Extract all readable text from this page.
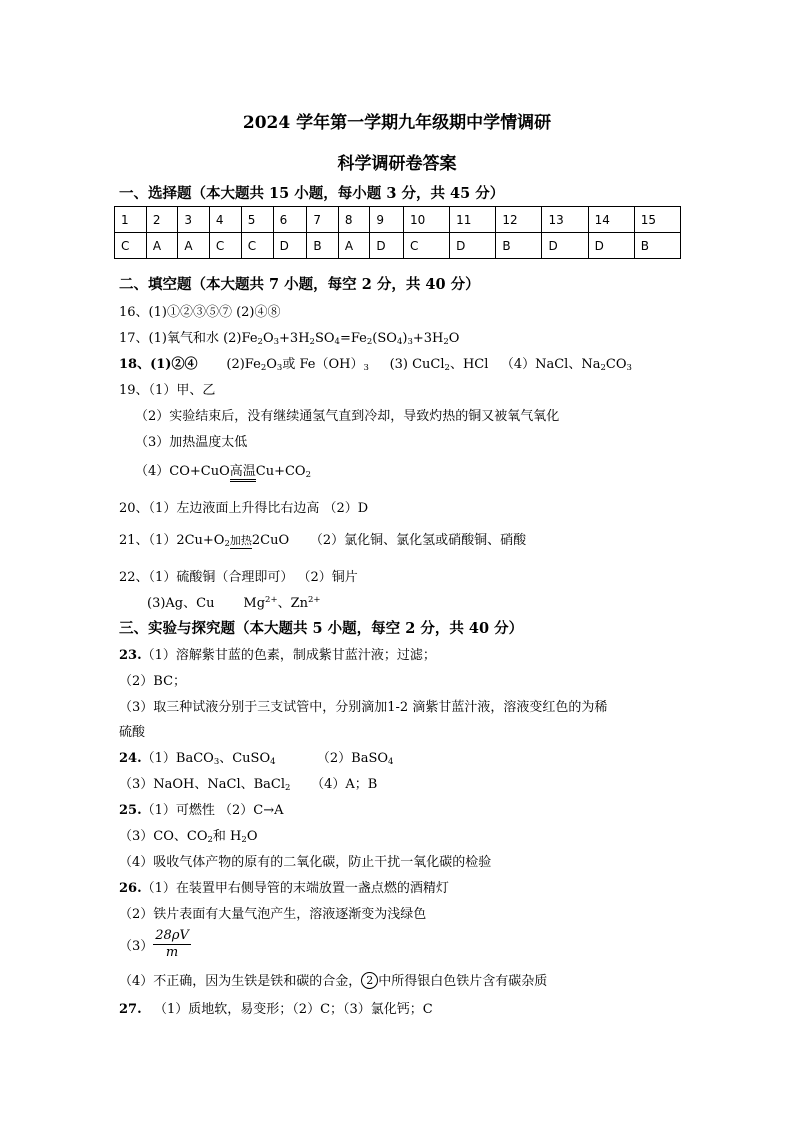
2024 学年第一学期九年级期中学情调研
科学调研卷答案
一、选择题（本大题共 15 小题，每小题 3 分，共 45 分）
1	2	3	4	5	6	7	8	9	10	11	12	13	14	15
C	A	A	C	C	D	B	A	D	C	D	B	D	D	B
二、填空题（本大题共 7 小题，每空 2 分，共 40 分）
16、(1)①②③⑤⑦ (2)④⑧
17、(1)氧气和水 $(2)Fe_2O_3+3H_2SO_4=Fe_2(SO_4)_3+3H_2O$
18、(1)②④ $(2)Fe_2O_3$或 $Fe(OH)_3$ (3) CuCl$_2$、HCl （4）NaCl、$Na_2CO_3$
19、（1）甲、乙
（2）实验结束后，没有继续通氢气直到冷却，导致灼热的铜又被氧气氧化
（3）加热温度太低
（4）CO+CuO高温$Cu+CO_2$
20、（1）左边液面上升得比右边高 （2）D
21、$(1)2Cu+O_2$加热2CuO （2）氯化铜、氯化氢或硝酸铜、硝酸
22、（1）硫酸铜（合理即可） （2）铜片
(3)Ag、Cu $Mg^{2+}$、$Zn^{2+}$
三、实验与探究题（本大题共 5 小题，每空 2 分，共 40 分）
23.（1）溶解紫甘蓝的色素，制成紫甘蓝汁液；过滤；
（2）BC；
（3）取三种试液分别于三支试管中，分别滴加1-2 滴紫甘蓝汁液，溶液变红色的为稀
硫酸
24.（1）BaCO$_3$、CuSO$_4$	（2）BaSO$_4$
（3）NaOH、NaCl、BaCl$_2$ （4）A；B
25.（1）可燃性 （2）C→A
（3）CO、$CO_2$和 $H_2O$
（4）吸收气体产物的原有的二氧化碳，防止干扰一氧化碳的检验
26.（1）在装置甲右侧导管的末端放置一盏点燃的酒精灯
（2）铁片表面有大量气泡产生，溶液逐渐变为浅绿色
$(3) \frac{28\rho V}{m}$
（4）不正确，因为生铁是铁和碳的合金， 2 中所得银白色铁片含有碳杂质
27. （1）质地软，易变形；（2）C；（3）氯化钙；C
